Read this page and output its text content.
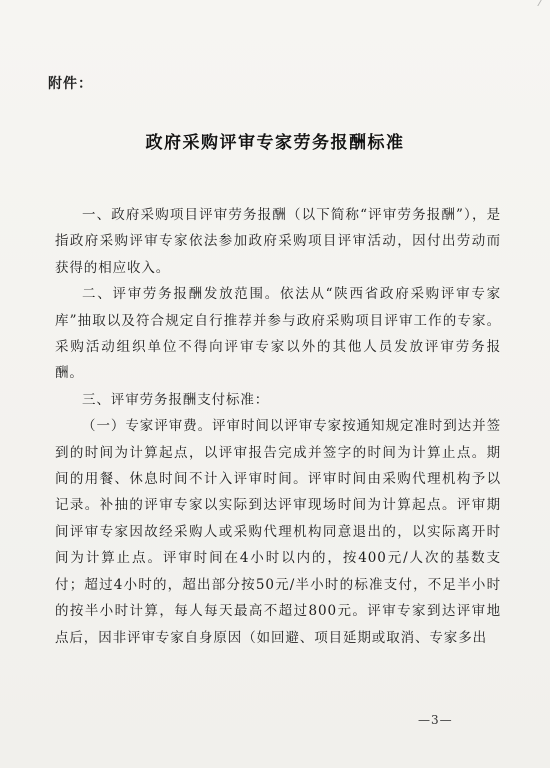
附件：
政府采购评审专家劳务报酬标准

一、政府采购项目评审劳务报酬（以下简称“评审劳务报酬”），是指政府采购评审专家依法参加政府采购项目评审活动，因付出劳动而获得的相应收入。

二、评审劳务报酬发放范围。依法从“陕西省政府采购评审专家库”抽取以及符合规定自行推荐并参与政府采购项目评审工作的专家。采购活动组织单位不得向评审专家以外的其他人员发放评审劳务报酬。

三、评审劳务报酬支付标准：

（一）专家评审费。评审时间以评审专家按通知规定准时到达并签到的时间为计算起点，以评审报告完成并签字的时间为计算止点。期间的用餐、休息时间不计入评审时间。评审时间由采购代理机构予以记录。补抽的评审专家以实际到达评审现场时间为计算起点。评审期间评审专家因故经采购人或采购代理机构同意退出的，以实际离开时间为计算止点。评审时间在4小时以内的，按400元/人次的基数支付；超过4小时的，超出部分按50元/半小时的标准支付，不足半小时的按半小时计算，每人每天最高不超过800元。评审专家到达评审地点后，因非评审专家自身原因（如回避、项目延期或取消、专家多出

—3—
